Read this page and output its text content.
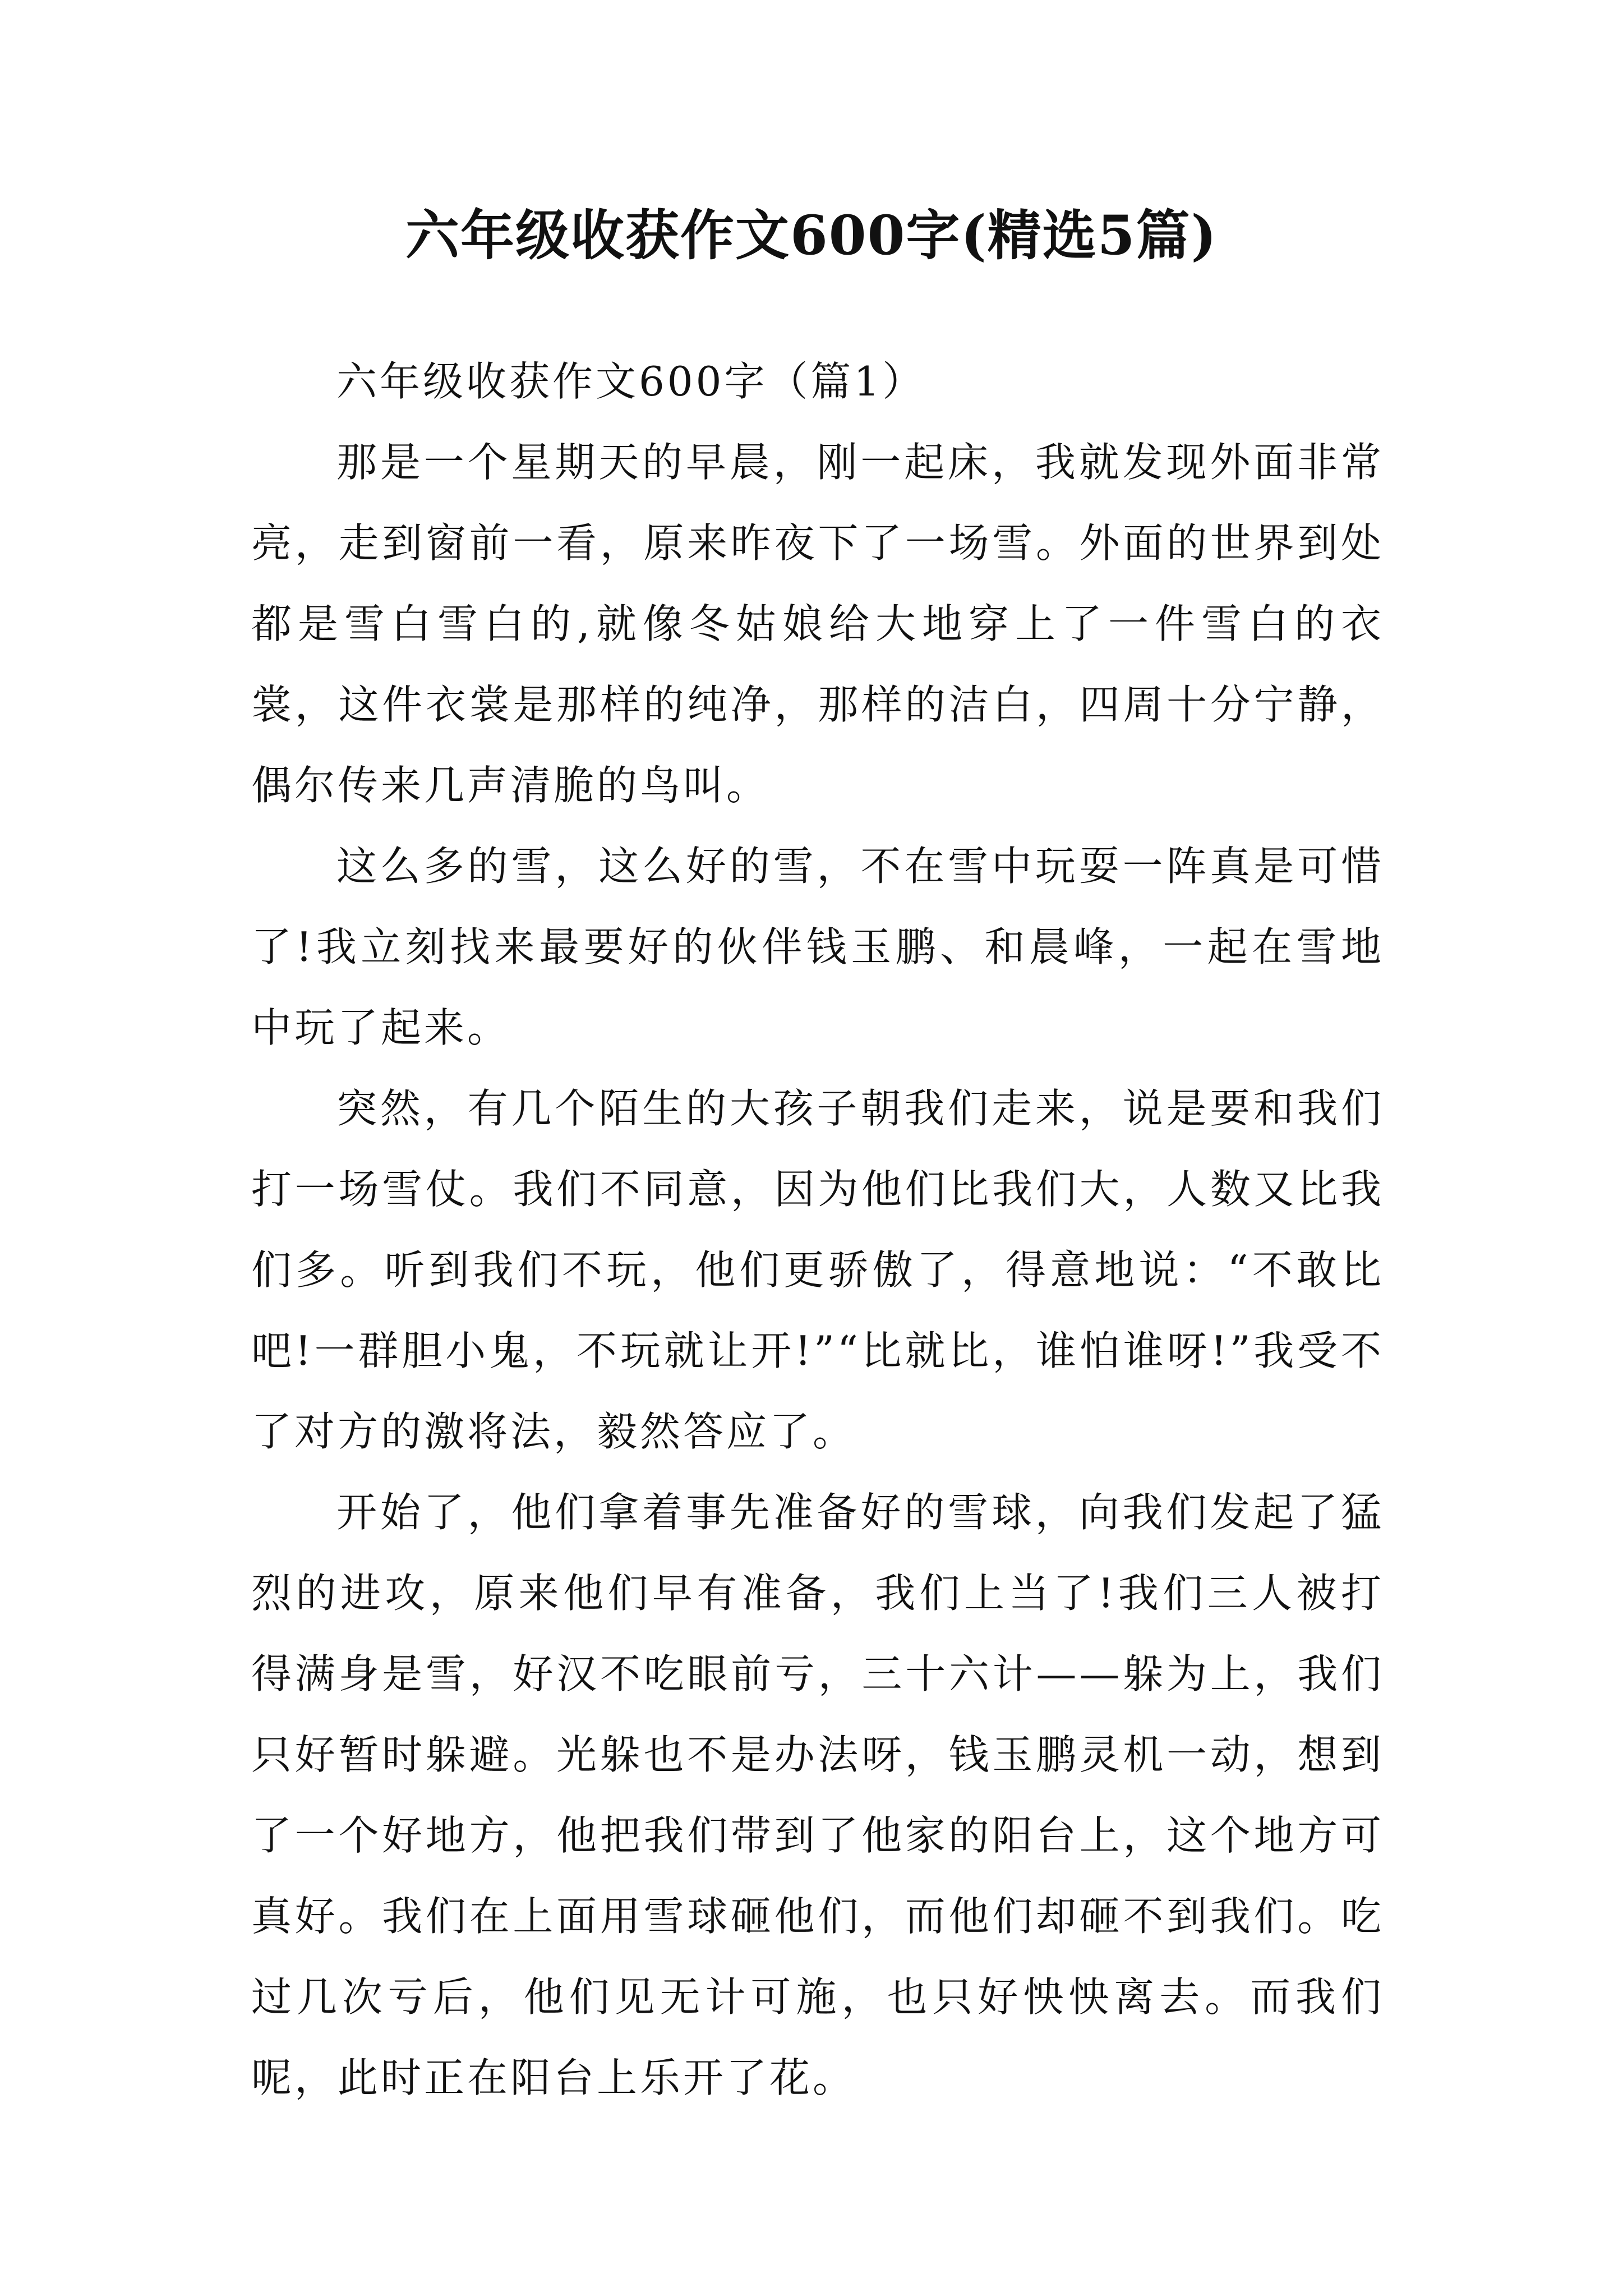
六年级收获作文600字(精选5篇)
六年级收获作文600字（篇1）

那是一个星期天的早晨，刚一起床，我就发现外面非常亮，走到窗前一看，原来昨夜下了一场雪。外面的世界到处都是雪白雪白的,就像冬姑娘给大地穿上了一件雪白的衣裳，这件衣裳是那样的纯净，那样的洁白，四周十分宁静，偶尔传来几声清脆的鸟叫。

这么多的雪，这么好的雪，不在雪中玩耍一阵真是可惜了!我立刻找来最要好的伙伴钱玉鹏、和晨峰，一起在雪地中玩了起来。

突然，有几个陌生的大孩子朝我们走来，说是要和我们打一场雪仗。我们不同意，因为他们比我们大，人数又比我们多。听到我们不玩，他们更骄傲了，得意地说：“不敢比吧!一群胆小鬼，不玩就让开!”“比就比，谁怕谁呀!”我受不了对方的激将法，毅然答应了。

开始了，他们拿着事先准备好的雪球，向我们发起了猛烈的进攻，原来他们早有准备，我们上当了!我们三人被打得满身是雪，好汉不吃眼前亏，三十六计——躲为上，我们只好暂时躲避。光躲也不是办法呀，钱玉鹏灵机一动，想到了一个好地方，他把我们带到了他家的阳台上，这个地方可真好。我们在上面用雪球砸他们，而他们却砸不到我们。吃过几次亏后，他们见无计可施，也只好怏怏离去。而我们呢，此时正在阳台上乐开了花。
